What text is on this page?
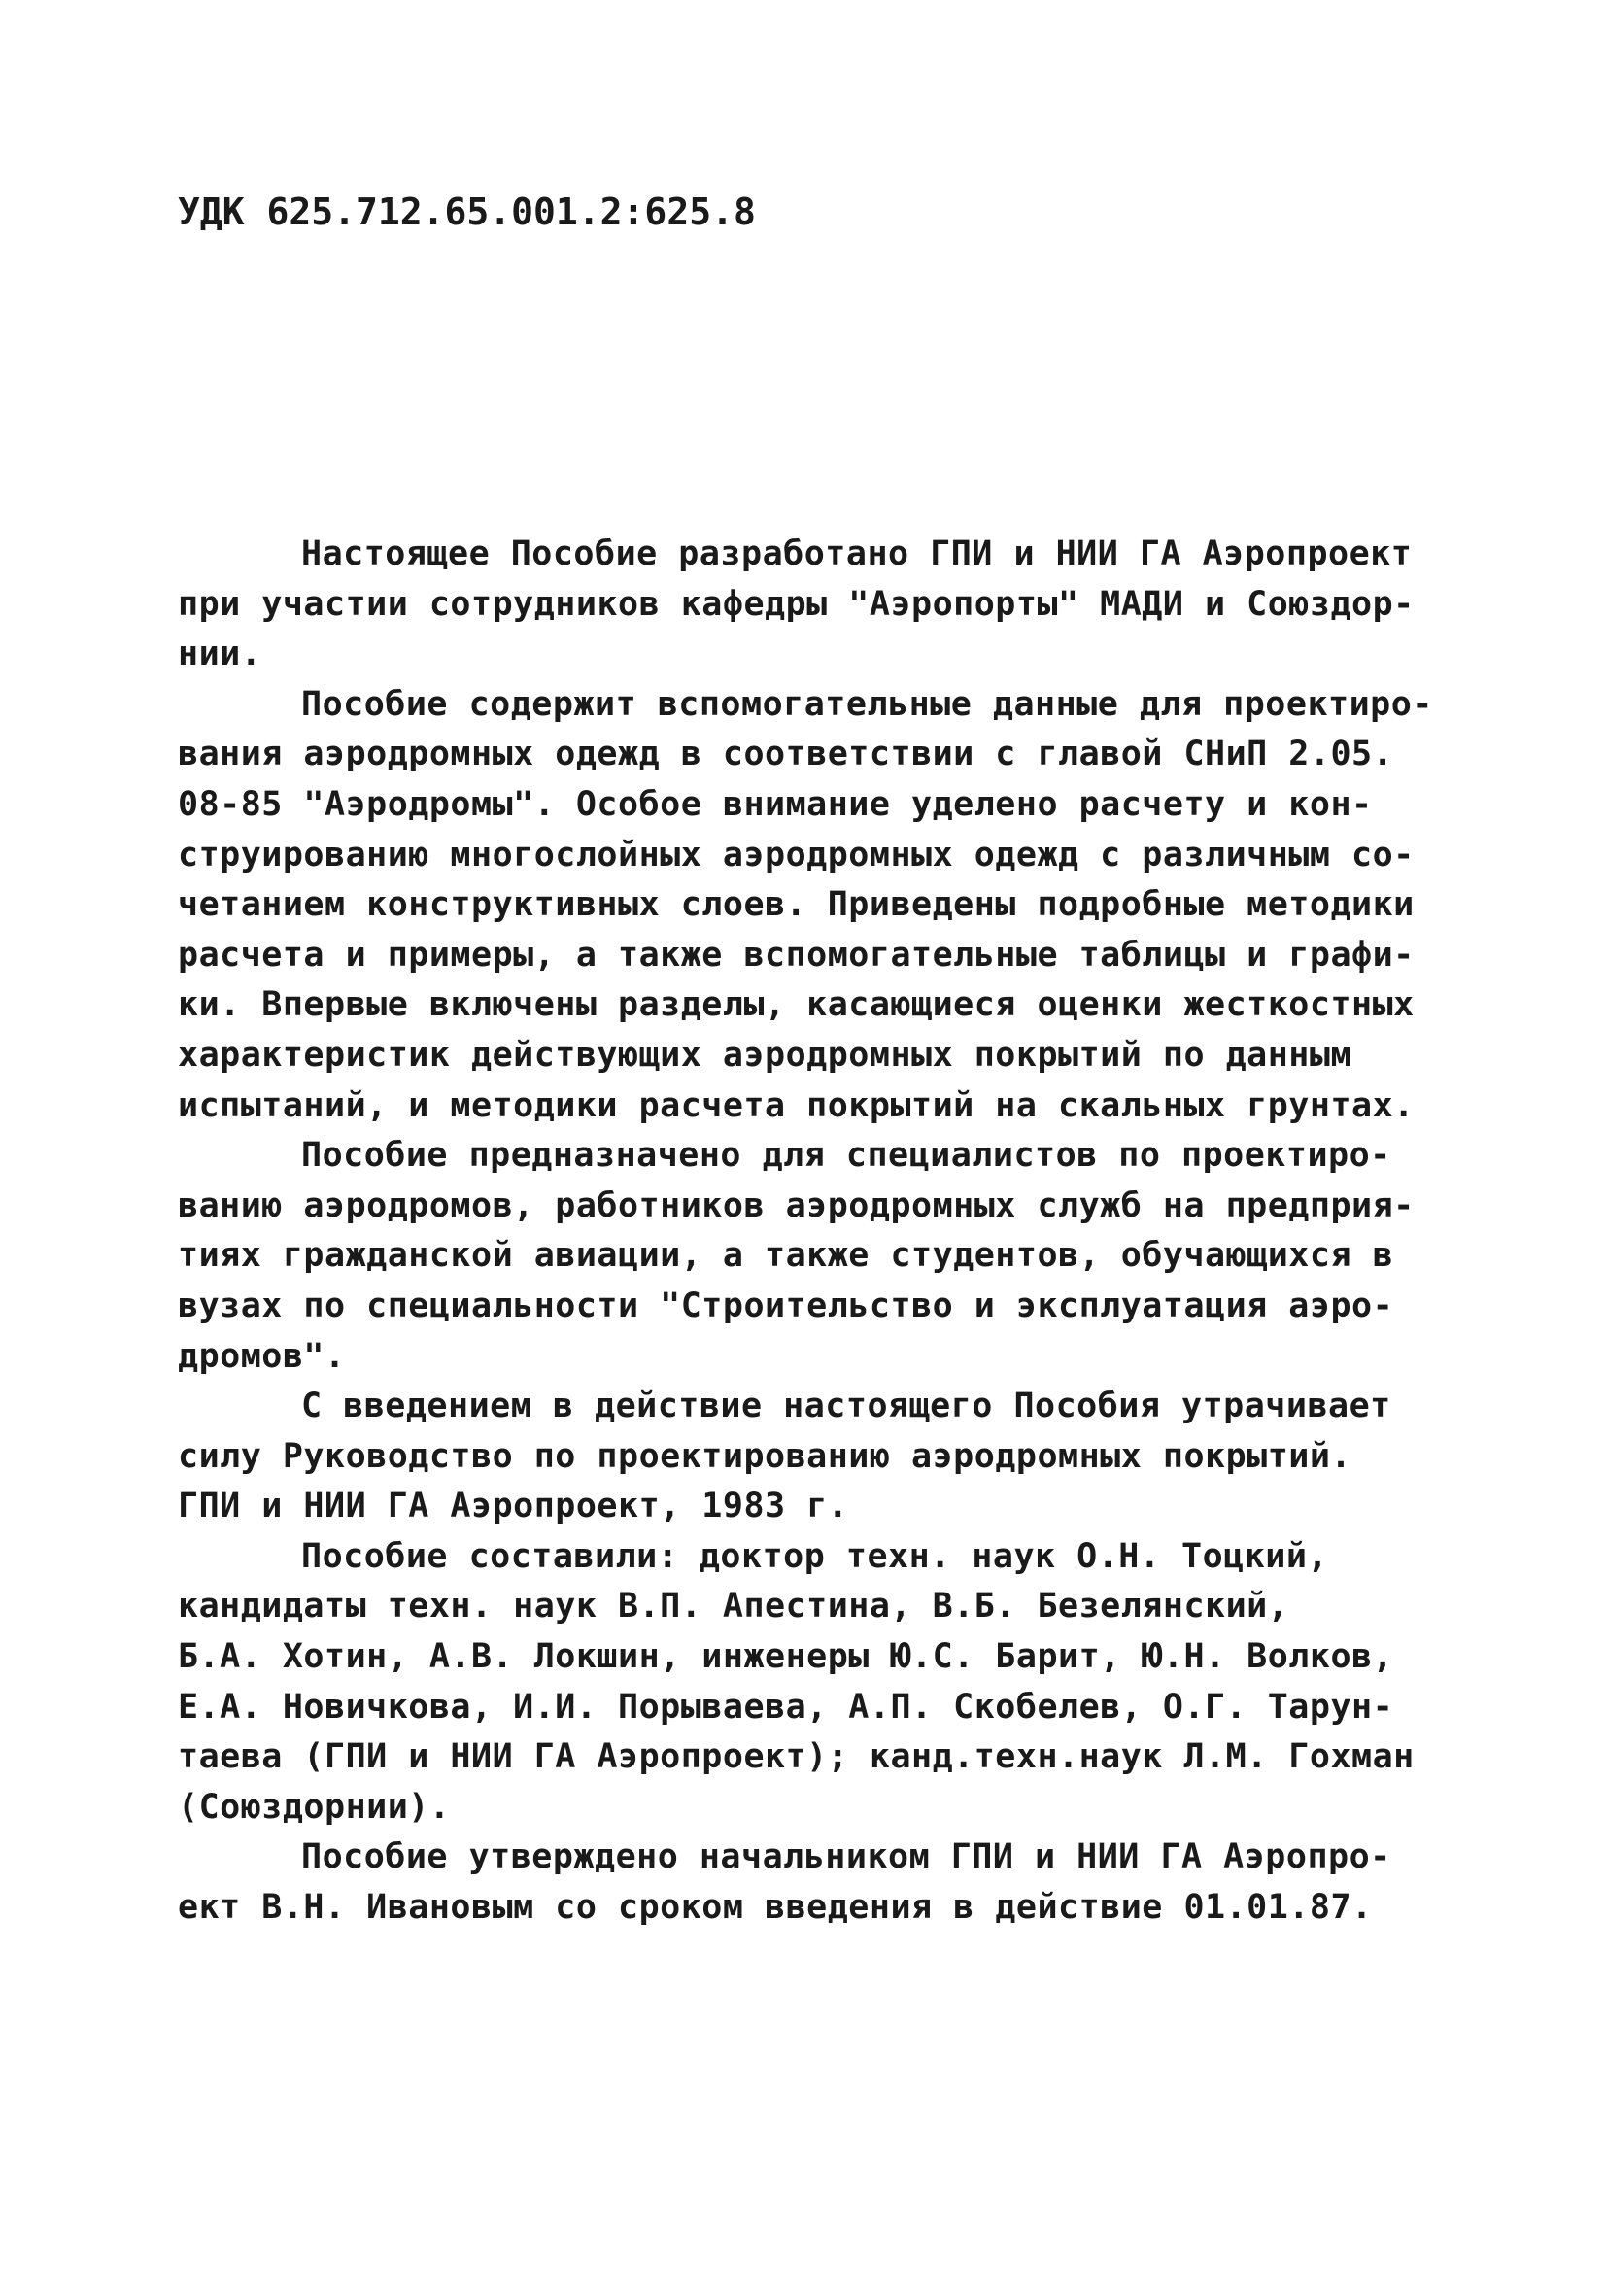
УДК 625.712.65.001.2:625.8
Настоящее Пособие разработано ГПИ и НИИ ГА Аэропроект
при участии сотрудников кафедры "Аэропорты" МАДИ и Союздор-
нии.
Пособие содержит вспомогательные данные для проектиро-
вания аэродромных одежд в соответствии с главой СНиП 2.05.
08-85 "Аэродромы". Особое внимание уделено расчету и кон-
струированию многослойных аэродромных одежд с различным со-
четанием конструктивных слоев. Приведены подробные методики
расчета и примеры, а также вспомогательные таблицы и графи-
ки. Впервые включены разделы, касающиеся оценки жесткостных
характеристик действующих аэродромных покрытий по данным
испытаний, и методики расчета покрытий на скальных грунтах.
Пособие предназначено для специалистов по проектиро-
ванию аэродромов, работников аэродромных служб на предприя-
тиях гражданской авиации, а также студентов, обучающихся в
вузах по специальности "Строительство и эксплуатация аэро-
дромов".
С введением в действие настоящего Пособия утрачивает
силу Руководство по проектированию аэродромных покрытий.
ГПИ и НИИ ГА Аэропроект, 1983 г.
Пособие составили: доктор техн. наук О.Н. Тоцкий,
кандидаты техн. наук В.П. Апестина, В.Б. Безелянский,
Б.А. Хотин, А.В. Локшин, инженеры Ю.С. Барит, Ю.Н. Волков,
Е.А. Новичкова, И.И. Порываева, А.П. Скобелев, О.Г. Тарун-
таева (ГПИ и НИИ ГА Аэропроект); канд.техн.наук Л.М. Гохман
(Союздорнии).
Пособие утверждено начальником ГПИ и НИИ ГА Аэропро-
ект В.Н. Ивановым со сроком введения в действие 01.01.87.
